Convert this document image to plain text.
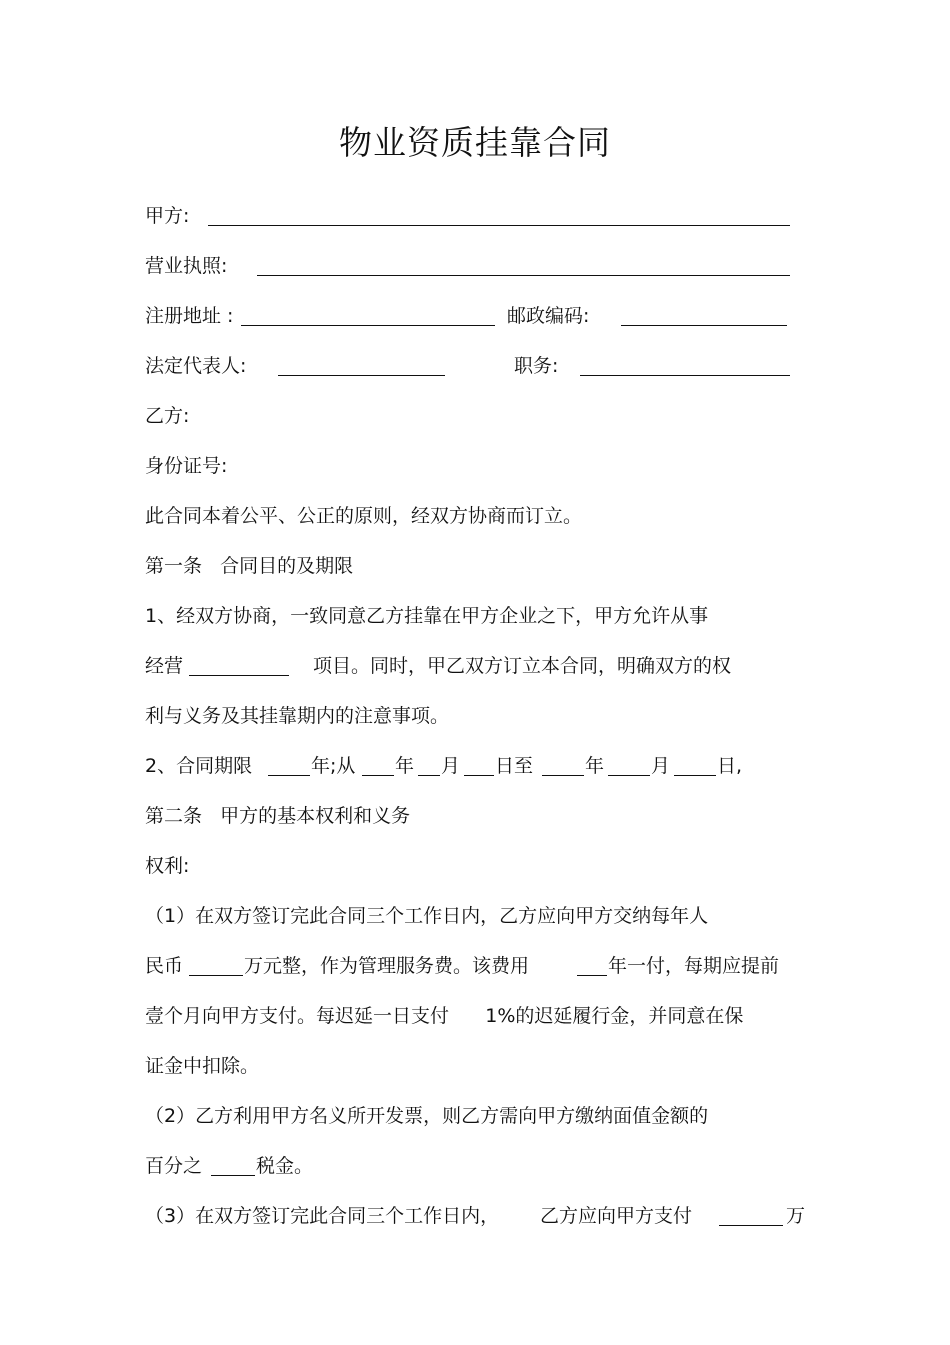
物业资质挂靠合同
甲方:
营业执照:
注册地址 :	邮政编码:
法定代表人:	职务:
乙方:
身份证号:
此合同本着公平、公正的原则，经双方协商而订立。
第一条   合同目的及期限
1、经双方协商，一致同意乙方挂靠在甲方企业之下，甲方允许从事
经营	项目。同时，甲乙双方订立本合同，明确双方的权
利与义务及其挂靠期内的注意事项。
2、合同期限	年;从 年 月 日至	年 月 日,
第二条   甲方的基本权利和义务
权利:
（1）在双方签订完此合同三个工作日内，乙方应向甲方交纳每年人
民币	万元整，作为管理服务费。该费用	年一付，每期应提前
壹个月向甲方支付。每迟延一日支付      1%的迟延履行金，并同意在保
证金中扣除。
（2）乙方利用甲方名义所开发票，则乙方需向甲方缴纳面值金额的
百分之	税金。
（3）在双方签订完此合同三个工作日内， 乙方应向甲方支付	万
